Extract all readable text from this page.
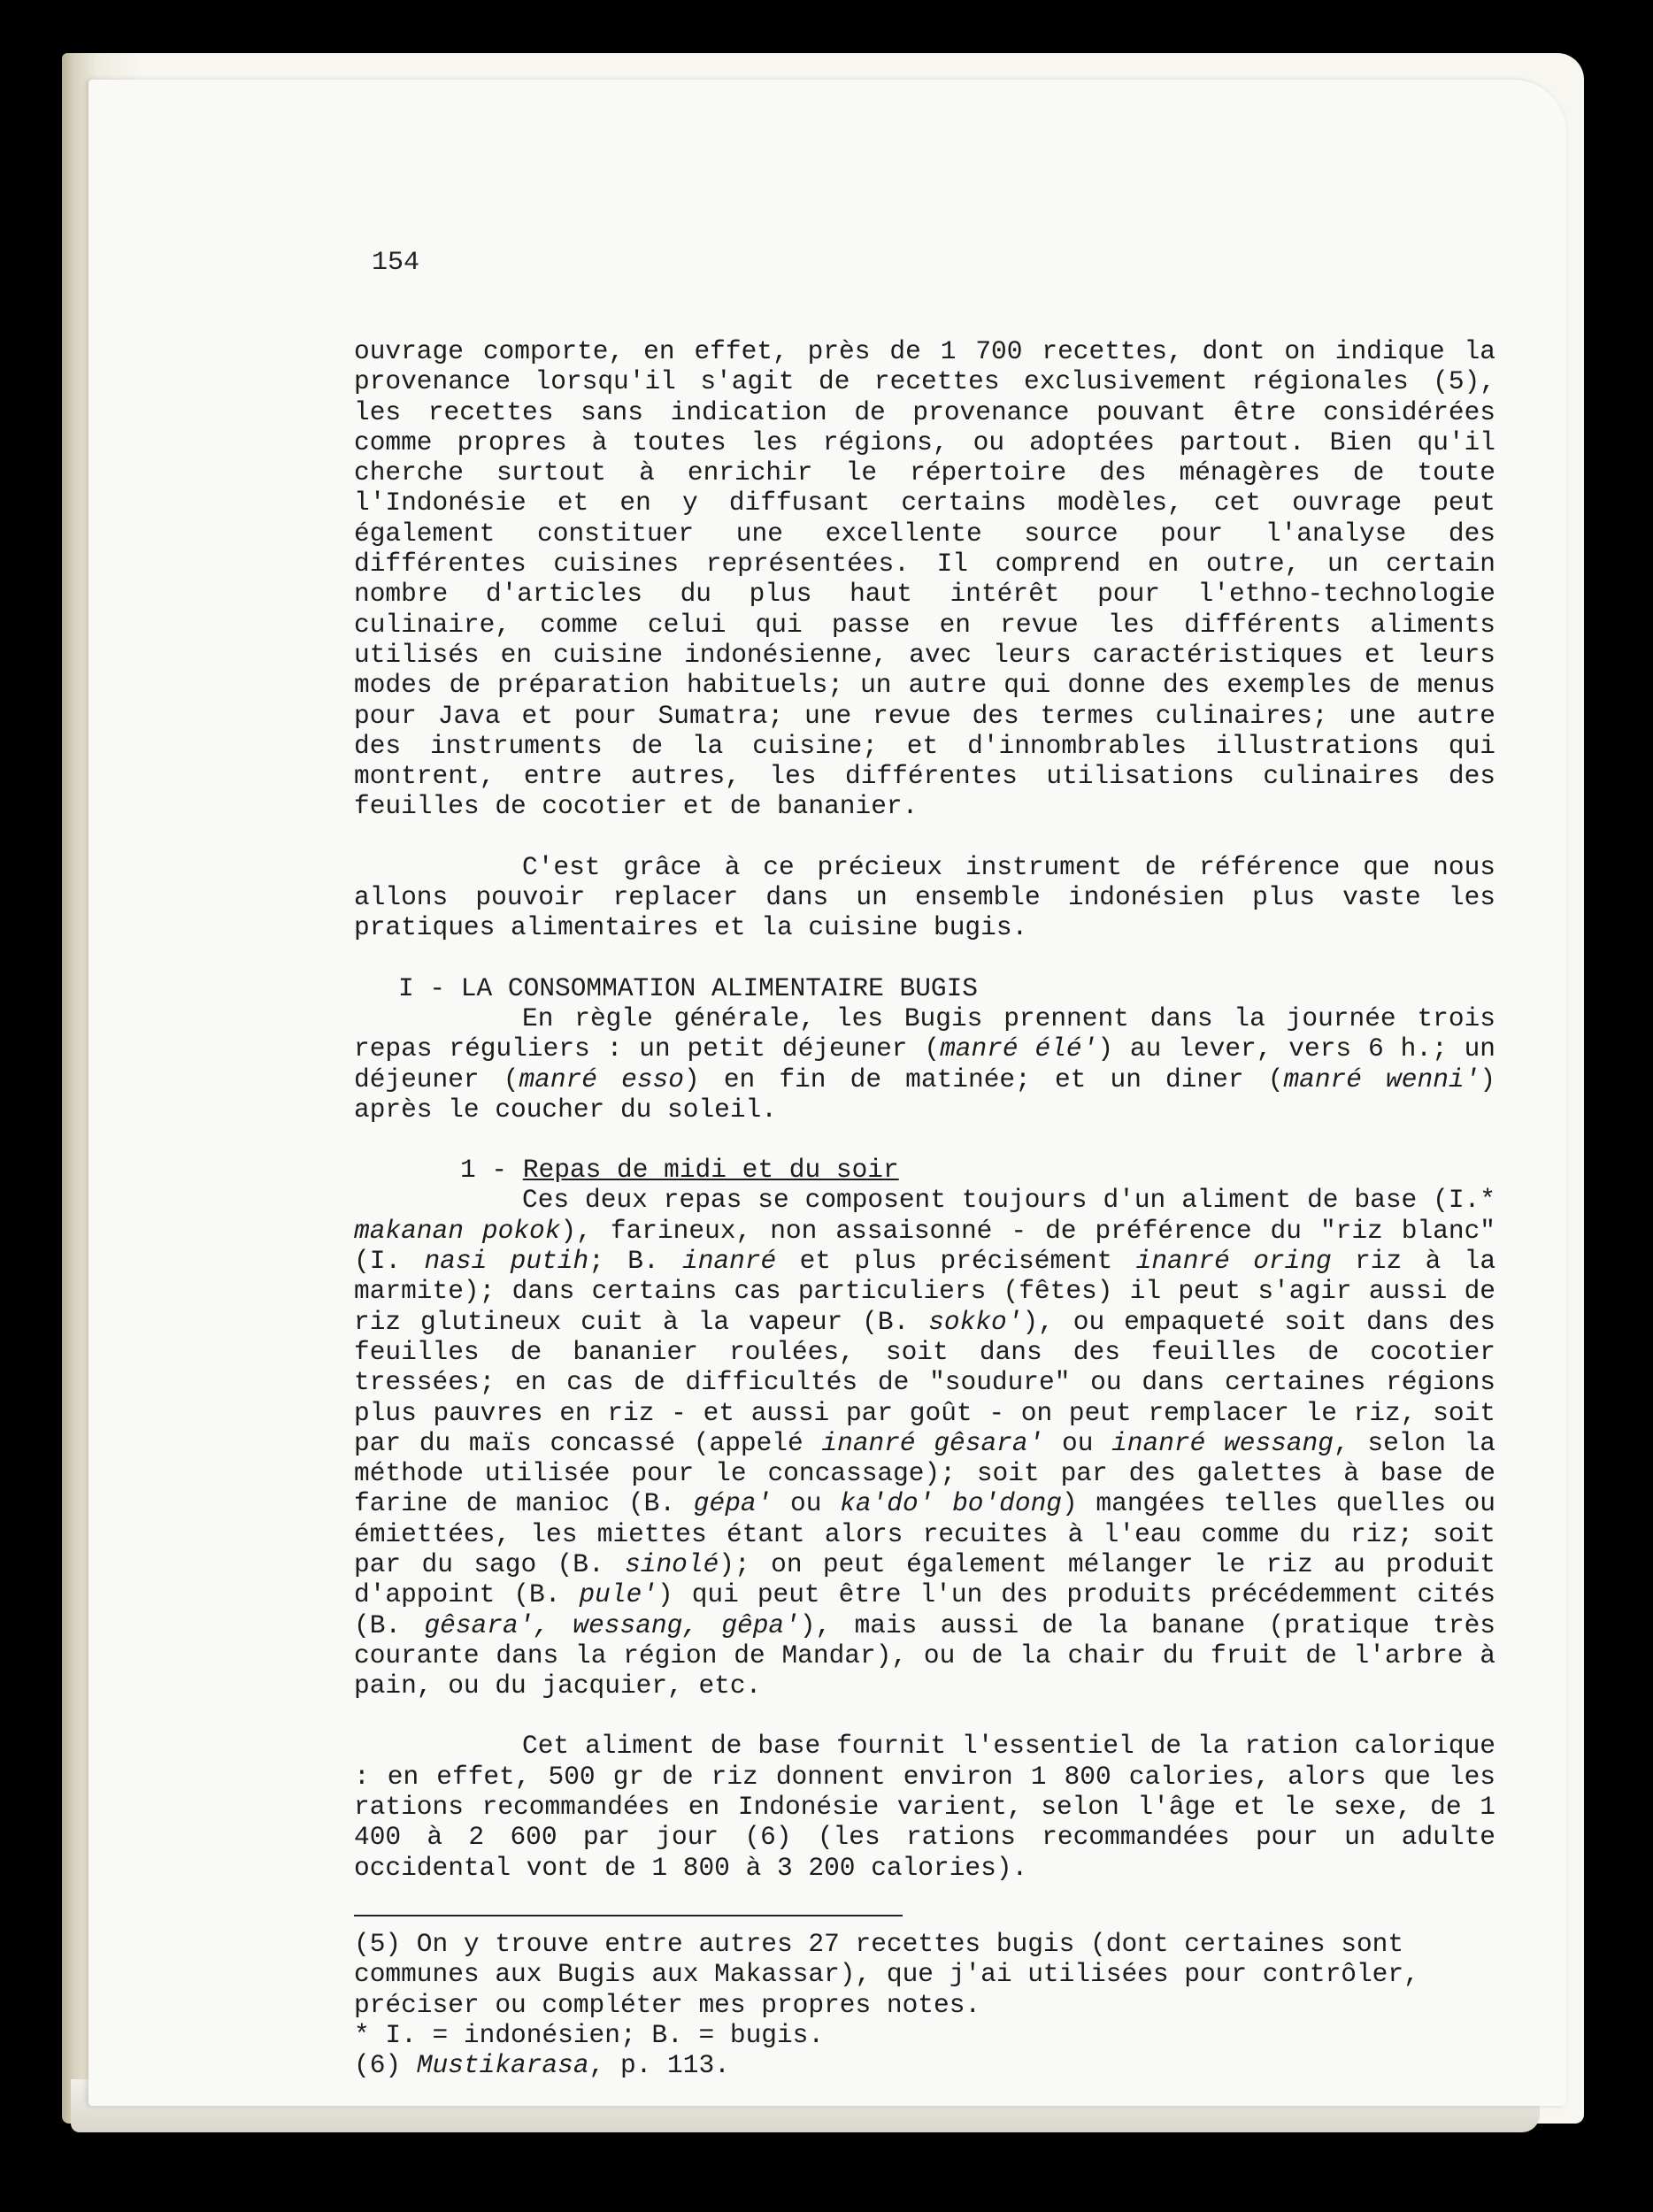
154

ouvrage comporte, en effet, près de 1 700 recettes, dont on indique la provenance lorsqu'il s'agit de recettes exclusivement régionales (5), les recettes sans indication de provenance pouvant être considérées comme propres à toutes les régions, ou adoptées partout. Bien qu'il cherche surtout à enrichir le répertoire des ménagères de toute l'Indonésie et en y diffusant certains modèles, cet ouvrage peut également constituer une excellente source pour l'analyse des différentes cuisines représentées. Il comprend en outre, un certain nombre d'articles du plus haut intérêt pour l'ethno-technologie culinaire, comme celui qui passe en revue les différents aliments utilisés en cuisine indonésienne, avec leurs caractéristiques et leurs modes de préparation habituels; un autre qui donne des exemples de menus pour Java et pour Sumatra; une revue des termes culinaires; une autre des instruments de la cuisine; et d'innombrables illustrations qui montrent, entre autres, les différentes utilisations culinaires des feuilles de cocotier et de bananier.

C'est grâce à ce précieux instrument de référence que nous allons pouvoir replacer dans un ensemble indonésien plus vaste les pratiques alimentaires et la cuisine bugis.

I - LA CONSOMMATION ALIMENTAIRE BUGIS

En règle générale, les Bugis prennent dans la journée trois repas réguliers : un petit déjeuner (manré élé') au lever, vers 6 h.; un déjeuner (manré esso) en fin de matinée; et un diner (manré wenni') après le coucher du soleil.

1 - Repas de midi et du soir

Ces deux repas se composent toujours d'un aliment de base (I.* makanan pokok), farineux, non assaisonné - de préférence du "riz blanc" (I. nasi putih; B. inanré et plus précisément inanré oring riz à la marmite); dans certains cas particuliers (fêtes) il peut s'agir aussi de riz glutineux cuit à la vapeur (B. sokko'), ou empaqueté soit dans des feuilles de bananier roulées, soit dans des feuilles de cocotier tressées; en cas de difficultés de "soudure" ou dans certaines régions plus pauvres en riz - et aussi par goût - on peut remplacer le riz, soit par du maïs concassé (appelé inanré gêsara' ou inanré wessang, selon la méthode utilisée pour le concassage); soit par des galettes à base de farine de manioc (B. gépa' ou ka'do' bo'dong) mangées telles quelles ou émiettées, les miettes étant alors recuites à l'eau comme du riz; soit par du sago (B. sinolé); on peut également mélanger le riz au produit d'appoint (B. pule') qui peut être l'un des produits précédemment cités (B. gêsara', wessang, gêpa'), mais aussi de la banane (pratique très courante dans la région de Mandar), ou de la chair du fruit de l'arbre à pain, ou du jacquier, etc.

Cet aliment de base fournit l'essentiel de la ration calorique : en effet, 500 gr de riz donnent environ 1 800 calories, alors que les rations recommandées en Indonésie varient, selon l'âge et le sexe, de 1 400 à 2 600 par jour (6) (les rations recommandées pour un adulte occidental vont de 1 800 à 3 200 calories).

(5) On y trouve entre autres 27 recettes bugis (dont certaines sont communes aux Bugis aux Makassar), que j'ai utilisées pour contrôler, préciser ou compléter mes propres notes.

* I. = indonésien; B. = bugis.

(6) Mustikarasa, p. 113.
